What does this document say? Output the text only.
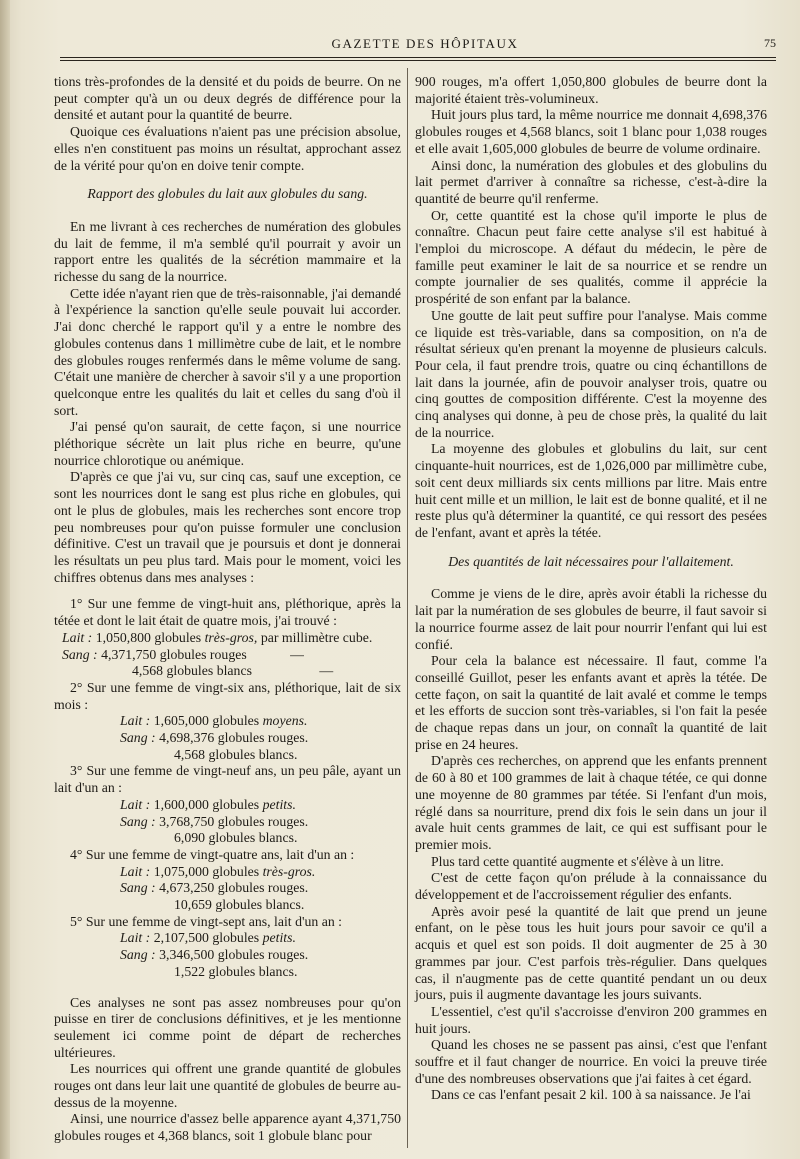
GAZETTE DES HÔPITAUX	75

tions très-profondes de la densité et du poids de beurre. On ne peut compter qu'à un ou deux degrés de différence pour la densité et autant pour la quantité de beurre.

Quoique ces évaluations n'aient pas une précision absolue, elles n'en constituent pas moins un résultat, approchant assez de la vérité pour qu'on en doive tenir compte.

Rapport des globules du lait aux globules du sang.

En me livrant à ces recherches de numération des globules du lait de femme, il m'a semblé qu'il pourrait y avoir un rapport entre les qualités de la sécrétion mammaire et la richesse du sang de la nourrice.

Cette idée n'ayant rien que de très-raisonnable, j'ai demandé à l'expérience la sanction qu'elle seule pouvait lui accorder. J'ai donc cherché le rapport qu'il y a entre le nombre des globules contenus dans 1 millimètre cube de lait, et le nombre des globules rouges renfermés dans le même volume de sang. C'était une manière de chercher à savoir s'il y a une proportion quelconque entre les qualités du lait et celles du sang d'où il sort.

J'ai pensé qu'on saurait, de cette façon, si une nourrice pléthorique sécrète un lait plus riche en beurre, qu'une nourrice chlorotique ou anémique.

D'après ce que j'ai vu, sur cinq cas, sauf une exception, ce sont les nourrices dont le sang est plus riche en globules, qui ont le plus de globules, mais les recherches sont encore trop peu nombreuses pour qu'on puisse formuler une conclusion définitive. C'est un travail que je poursuis et dont je donnerai les résultats un peu plus tard. Mais pour le moment, voici les chiffres obtenus dans mes analyses :

1° Sur une femme de vingt-huit ans, pléthorique, après la tétée et dont le lait était de quatre mois, j'ai trouvé :

Lait : 1,050,800 globules très-gros, par millimètre cube.
Sang : 4,371,750 globules rouges	—
4,568 globules blancs	—

2° Sur une femme de vingt-six ans, pléthorique, lait de six mois :

Lait : 1,605,000 globules moyens.
Sang : 4,698,376 globules rouges.
4,568 globules blancs.

3° Sur une femme de vingt-neuf ans, un peu pâle, ayant un lait d'un an :

Lait : 1,600,000 globules petits.
Sang : 3,768,750 globules rouges.
6,090 globules blancs.

4° Sur une femme de vingt-quatre ans, lait d'un an :

Lait : 1,075,000 globules très-gros.
Sang : 4,673,250 globules rouges.
10,659 globules blancs.

5° Sur une femme de vingt-sept ans, lait d'un an :

Lait : 2,107,500 globules petits.
Sang : 3,346,500 globules rouges.
1,522 globules blancs.

Ces analyses ne sont pas assez nombreuses pour qu'on puisse en tirer de conclusions définitives, et je les mentionne seulement ici comme point de départ de recherches ultérieures.

Les nourrices qui offrent une grande quantité de globules rouges ont dans leur lait une quantité de globules de beurre au-dessus de la moyenne.

Ainsi, une nourrice d'assez belle apparence ayant 4,371,750 globules rouges et 4,368 blancs, soit 1 globule blanc pour

900 rouges, m'a offert 1,050,800 globules de beurre dont la majorité étaient très-volumineux.

Huit jours plus tard, la même nourrice me donnait 4,698,376 globules rouges et 4,568 blancs, soit 1 blanc pour 1,038 rouges et elle avait 1,605,000 globules de beurre de volume ordinaire.

Ainsi donc, la numération des globules et des globulins du lait permet d'arriver à connaître sa richesse, c'est-à-dire la quantité de beurre qu'il renferme.

Or, cette quantité est la chose qu'il importe le plus de connaître. Chacun peut faire cette analyse s'il est habitué à l'emploi du microscope. A défaut du médecin, le père de famille peut examiner le lait de sa nourrice et se rendre un compte journalier de ses qualités, comme il apprécie la prospérité de son enfant par la balance.

Une goutte de lait peut suffire pour l'analyse. Mais comme ce liquide est très-variable, dans sa composition, on n'a de résultat sérieux qu'en prenant la moyenne de plusieurs calculs. Pour cela, il faut prendre trois, quatre ou cinq échantillons de lait dans la journée, afin de pouvoir analyser trois, quatre ou cinq gouttes de composition différente. C'est la moyenne des cinq analyses qui donne, à peu de chose près, la qualité du lait de la nourrice.

La moyenne des globules et globulins du lait, sur cent cinquante-huit nourrices, est de 1,026,000 par millimètre cube, soit cent deux milliards six cents millions par litre. Mais entre huit cent mille et un million, le lait est de bonne qualité, et il ne reste plus qu'à déterminer la quantité, ce qui ressort des pesées de l'enfant, avant et après la tétée.

Des quantités de lait nécessaires pour l'allaitement.

Comme je viens de le dire, après avoir établi la richesse du lait par la numération de ses globules de beurre, il faut savoir si la nourrice fourme assez de lait pour nourrir l'enfant qui lui est confié.

Pour cela la balance est nécessaire. Il faut, comme l'a conseillé Guillot, peser les enfants avant et après la tétée. De cette façon, on sait la quantité de lait avalé et comme le temps et les efforts de succion sont très-variables, si l'on fait la pesée de chaque repas dans un jour, on connaît la quantité de lait prise en 24 heures.

D'après ces recherches, on apprend que les enfants prennent de 60 à 80 et 100 grammes de lait à chaque tétée, ce qui donne une moyenne de 80 grammes par tétée. Si l'enfant d'un mois, réglé dans sa nourriture, prend dix fois le sein dans un jour il avale huit cents grammes de lait, ce qui est suffisant pour le premier mois.

Plus tard cette quantité augmente et s'élève à un litre.

C'est de cette façon qu'on prélude à la connaissance du développement et de l'accroissement régulier des enfants.

Après avoir pesé la quantité de lait que prend un jeune enfant, on le pèse tous les huit jours pour savoir ce qu'il a acquis et quel est son poids. Il doit augmenter de 25 à 30 grammes par jour. C'est parfois très-régulier. Dans quelques cas, il n'augmente pas de cette quantité pendant un ou deux jours, puis il augmente davantage les jours suivants.

L'essentiel, c'est qu'il s'accroisse d'environ 200 grammes en huit jours.

Quand les choses ne se passent pas ainsi, c'est que l'enfant souffre et il faut changer de nourrice. En voici la preuve tirée d'une des nombreuses observations que j'ai faites à cet égard.

Dans ce cas l'enfant pesait 2 kil. 100 à sa naissance. Je l'ai
